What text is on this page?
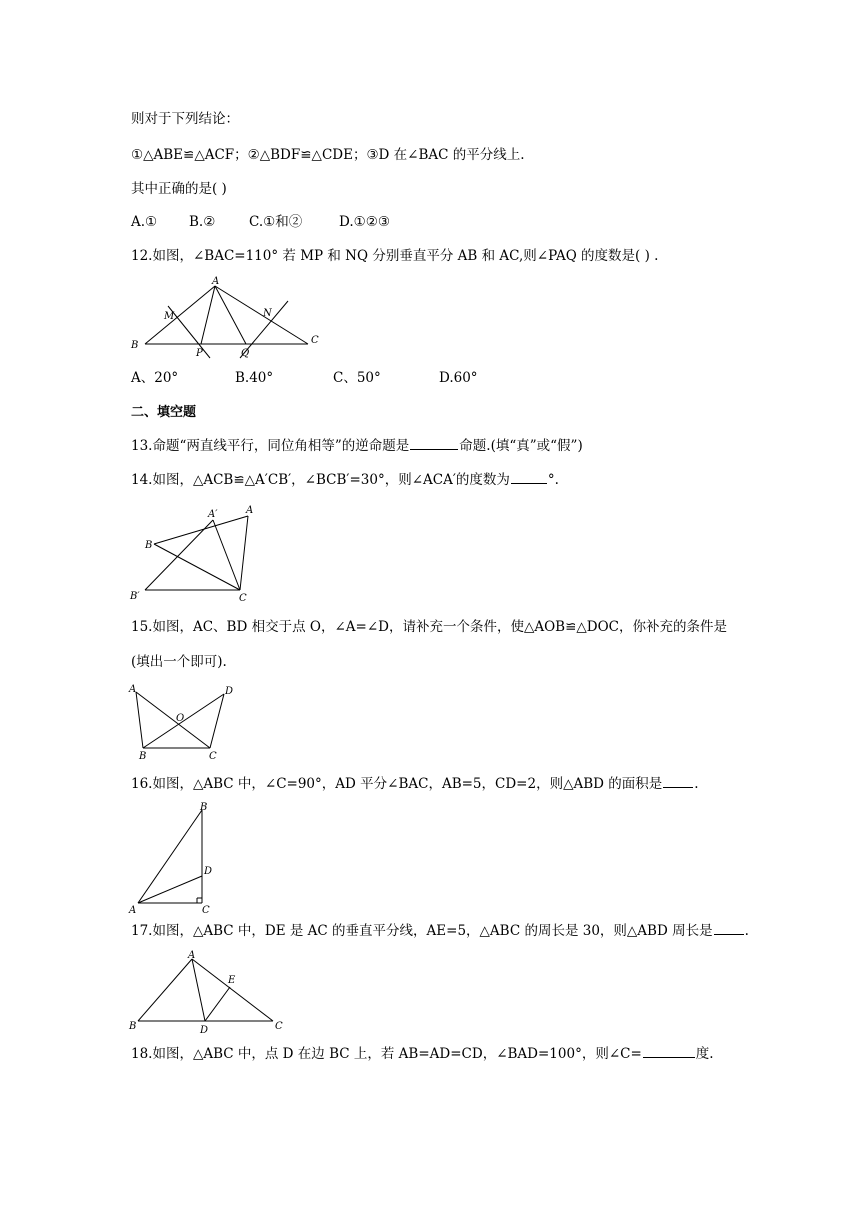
则对于下列结论：
①△ABE≌△ACF；②△BDF≌△CDE；③D 在∠BAC 的平分线上.
其中正确的是( )
A.① B.② C.①和②	D.①②③
12.如图，∠BAC=110° 若 MP 和 NQ 分别垂直平分 AB 和 AC,则∠PAQ 的度数是( ) .
A
B	C
M	N
P	Q
A、20°	B.40°	C、50°	D.60°
二、填空题
13.命题“两直线平行，同位角相等”的逆命题是	命题.(填“真”或“假”)
14.如图，△ACB≌△A′CB′，∠BCB′=30°，则∠ACA′的度数为	°.
A′	A
B
B′	C
15.如图，AC、BD 相交于点 O，∠A=∠D，请补充一个条件，使△AOB≌△DOC，你补充的条件是
(填出一个即可).
A	D
O
B	C
16.如图，△ABC 中，∠C=90°，AD 平分∠BAC，AB=5，CD=2，则△ABD 的面积是 .
B
D
A	C
17.如图，△ABC 中，DE 是 AC 的垂直平分线，AE=5，△ABC 的周长是 30，则△ABD 周长是 .
A
E
B	D	C
18.如图，△ABC 中，点 D 在边 BC 上，若 AB=AD=CD，∠BAD=100°，则∠C=	度.
